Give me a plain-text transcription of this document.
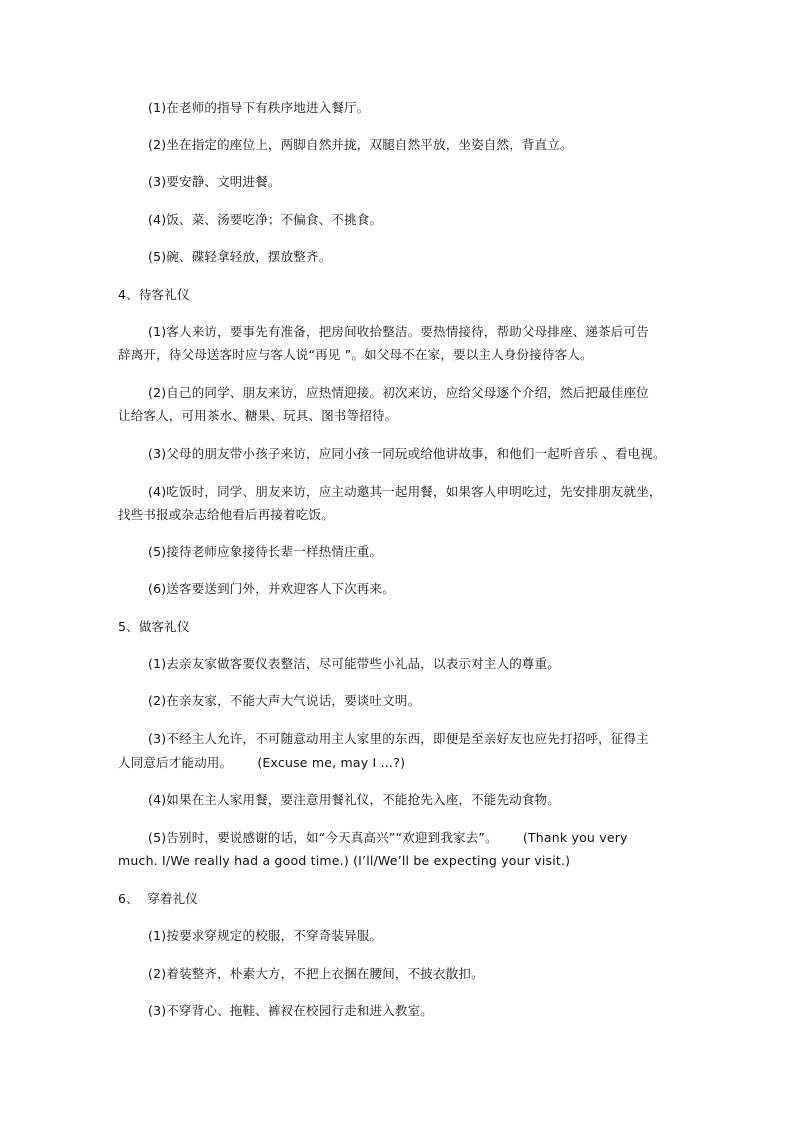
(1)在老师的指导下有秩序地进入餐厅。
(2)坐在指定的座位上，两脚自然并拢，双腿自然平放，坐姿自然，背直立。
(3)要安静、文明进餐。
(4)饭、菜、汤要吃净；不偏食、不挑食。
(5)碗、碟轻拿轻放，摆放整齐。
4、待客礼仪
(1)客人来访，要事先有准备，把房间收拾整洁。要热情接待，帮助父母排座、递茶后可告
辞离开，待父母送客时应与客人说“再见 ”。如父母不在家，要以主人身份接待客人。
(2)自己的同学、朋友来访，应热情迎接。初次来访，应给父母逐个介绍，然后把最佳座位
让给客人，可用茶水、糖果、玩具、图书等招待。
(3)父母的朋友带小孩子来访，应同小孩一同玩或给他讲故事，和他们一起听音乐 、看电视。
(4)吃饭时，同学、朋友来访，应主动邀其一起用餐，如果客人申明吃过，先安排朋友就坐，
找些书报或杂志给他看后再接着吃饭。
(5)接待老师应象接待长辈一样热情庄重。
(6)送客要送到门外，并欢迎客人下次再来。
5、做客礼仪
(1)去亲友家做客要仪表整洁，尽可能带些小礼品，以表示对主人的尊重。
(2)在亲友家，不能大声大气说话，要谈吐文明。
(3)不经主人允许，不可随意动用主人家里的东西，即便是至亲好友也应先打招呼，征得主
人同意后才能动用。      (Excuse me, may I …?)
(4)如果在主人家用餐，要注意用餐礼仪，不能抢先入座，不能先动食物。
(5)告别时，要说感谢的话，如“今天真高兴”“欢迎到我家去”。      (Thank you very
much. I/We really had a good time.) (I’ll/We’ll be expecting your visit.)
6、  穿着礼仪
(1)按要求穿规定的校服，不穿奇装异服。
(2)着装整齐，朴素大方，不把上衣捆在腰间，不披衣散扣。
(3)不穿背心、拖鞋、裤衩在校园行走和进入教室。
